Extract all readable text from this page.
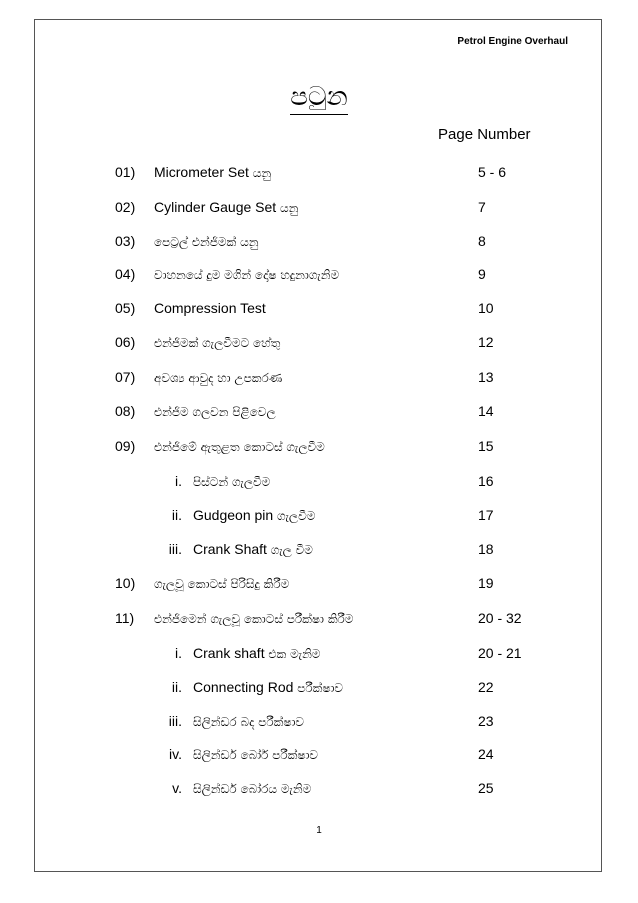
Petrol Engine Overhaul
පටුන
Page Number
01) Micrometer Set යනු	5 - 6
02) Cylinder Gauge Set යනු	7
03) පෙට්‍රල් එන්ජිමක් යනු	8
04) වාහනයේ දුම මගින් දෝෂ හදුනාගැනිම	9
05) Compression Test	10
06) එන්ජිමක් ගැලවීමට හේතු	12
07) අවශ්‍ය ආවුද හා උපකරණ	13
08) එන්ජිම ගලවන පිළිවෙල	14
09) එන්ජිමේ ඇතුළත කොටස් ගැලවීම	15
i. පිස්ටන් ගැලවීම	16
ii. Gudgeon pin ගැලවීම	17
iii. Crank Shaft ගැල වීම	18
10) ගැලවූ කොටස් පිරිසිදු කිරීම	19
11) එන්ජිමෙන් ගැලවූ කොටස් පරීක්ෂා කිරීම	20 - 32
i. Crank shaft එක මැනිම	20 - 21
ii. Connecting Rod පරීක්ෂාව	22
iii. සිලින්ඩර බද පරීක්ෂාව	23
iv. සිලින්ඩර් බෝර් පරීක්ෂාව	24
v. සිලින්ඩර් බෝරය මැනිම	25
1
